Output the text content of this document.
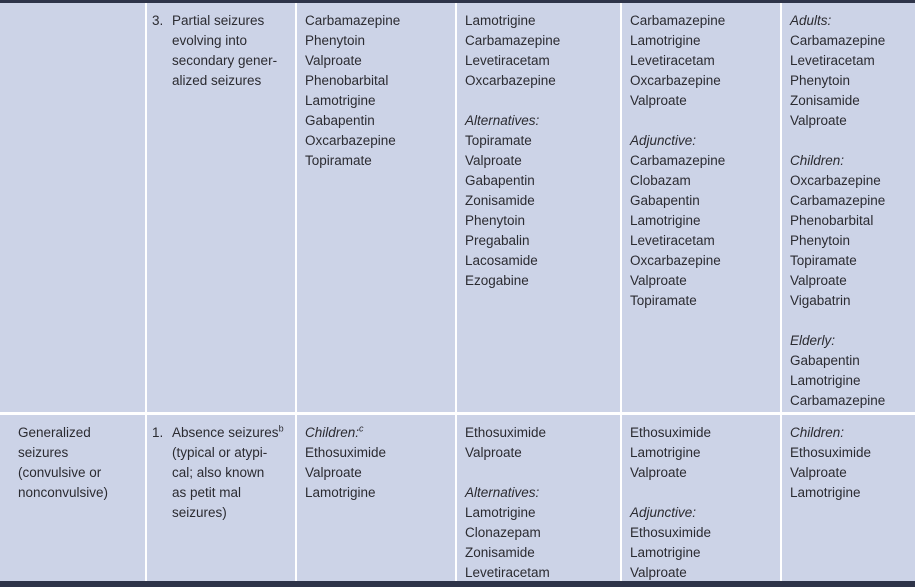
3. Partial seizures
evolving into
secondary gener-
alized seizures
Carbamazepine
Phenytoin
Valproate
Phenobarbital
Lamotrigine
Gabapentin
Oxcarbazepine
Topiramate
Lamotrigine
Carbamazepine
Levetiracetam
Oxcarbazepine
Alternatives:
Topiramate
Valproate
Gabapentin
Zonisamide
Phenytoin
Pregabalin
Lacosamide
Ezogabine
Carbamazepine
Lamotrigine
Levetiracetam
Oxcarbazepine
Valproate
Adjunctive:
Carbamazepine
Clobazam
Gabapentin
Lamotrigine
Levetiracetam
Oxcarbazepine
Valproate
Topiramate
Adults:
Carbamazepine
Levetiracetam
Phenytoin
Zonisamide
Valproate
Children:
Oxcarbazepine
Carbamazepine
Phenobarbital
Phenytoin
Topiramate
Valproate
Vigabatrin
Elderly:
Gabapentin
Lamotrigine
Carbamazepine
Generalized
seizures
(convulsive or
nonconvulsive)
1. Absence seizures$^b$
(typical or atypi-
cal; also known
as petit mal
seizures)
Children:$^c$
Ethosuximide
Valproate
Lamotrigine
Ethosuximide
Valproate
Alternatives:
Lamotrigine
Clonazepam
Zonisamide
Levetiracetam
Ethosuximide
Lamotrigine
Valproate
Adjunctive:
Ethosuximide
Lamotrigine
Valproate
Children:
Ethosuximide
Valproate
Lamotrigine
